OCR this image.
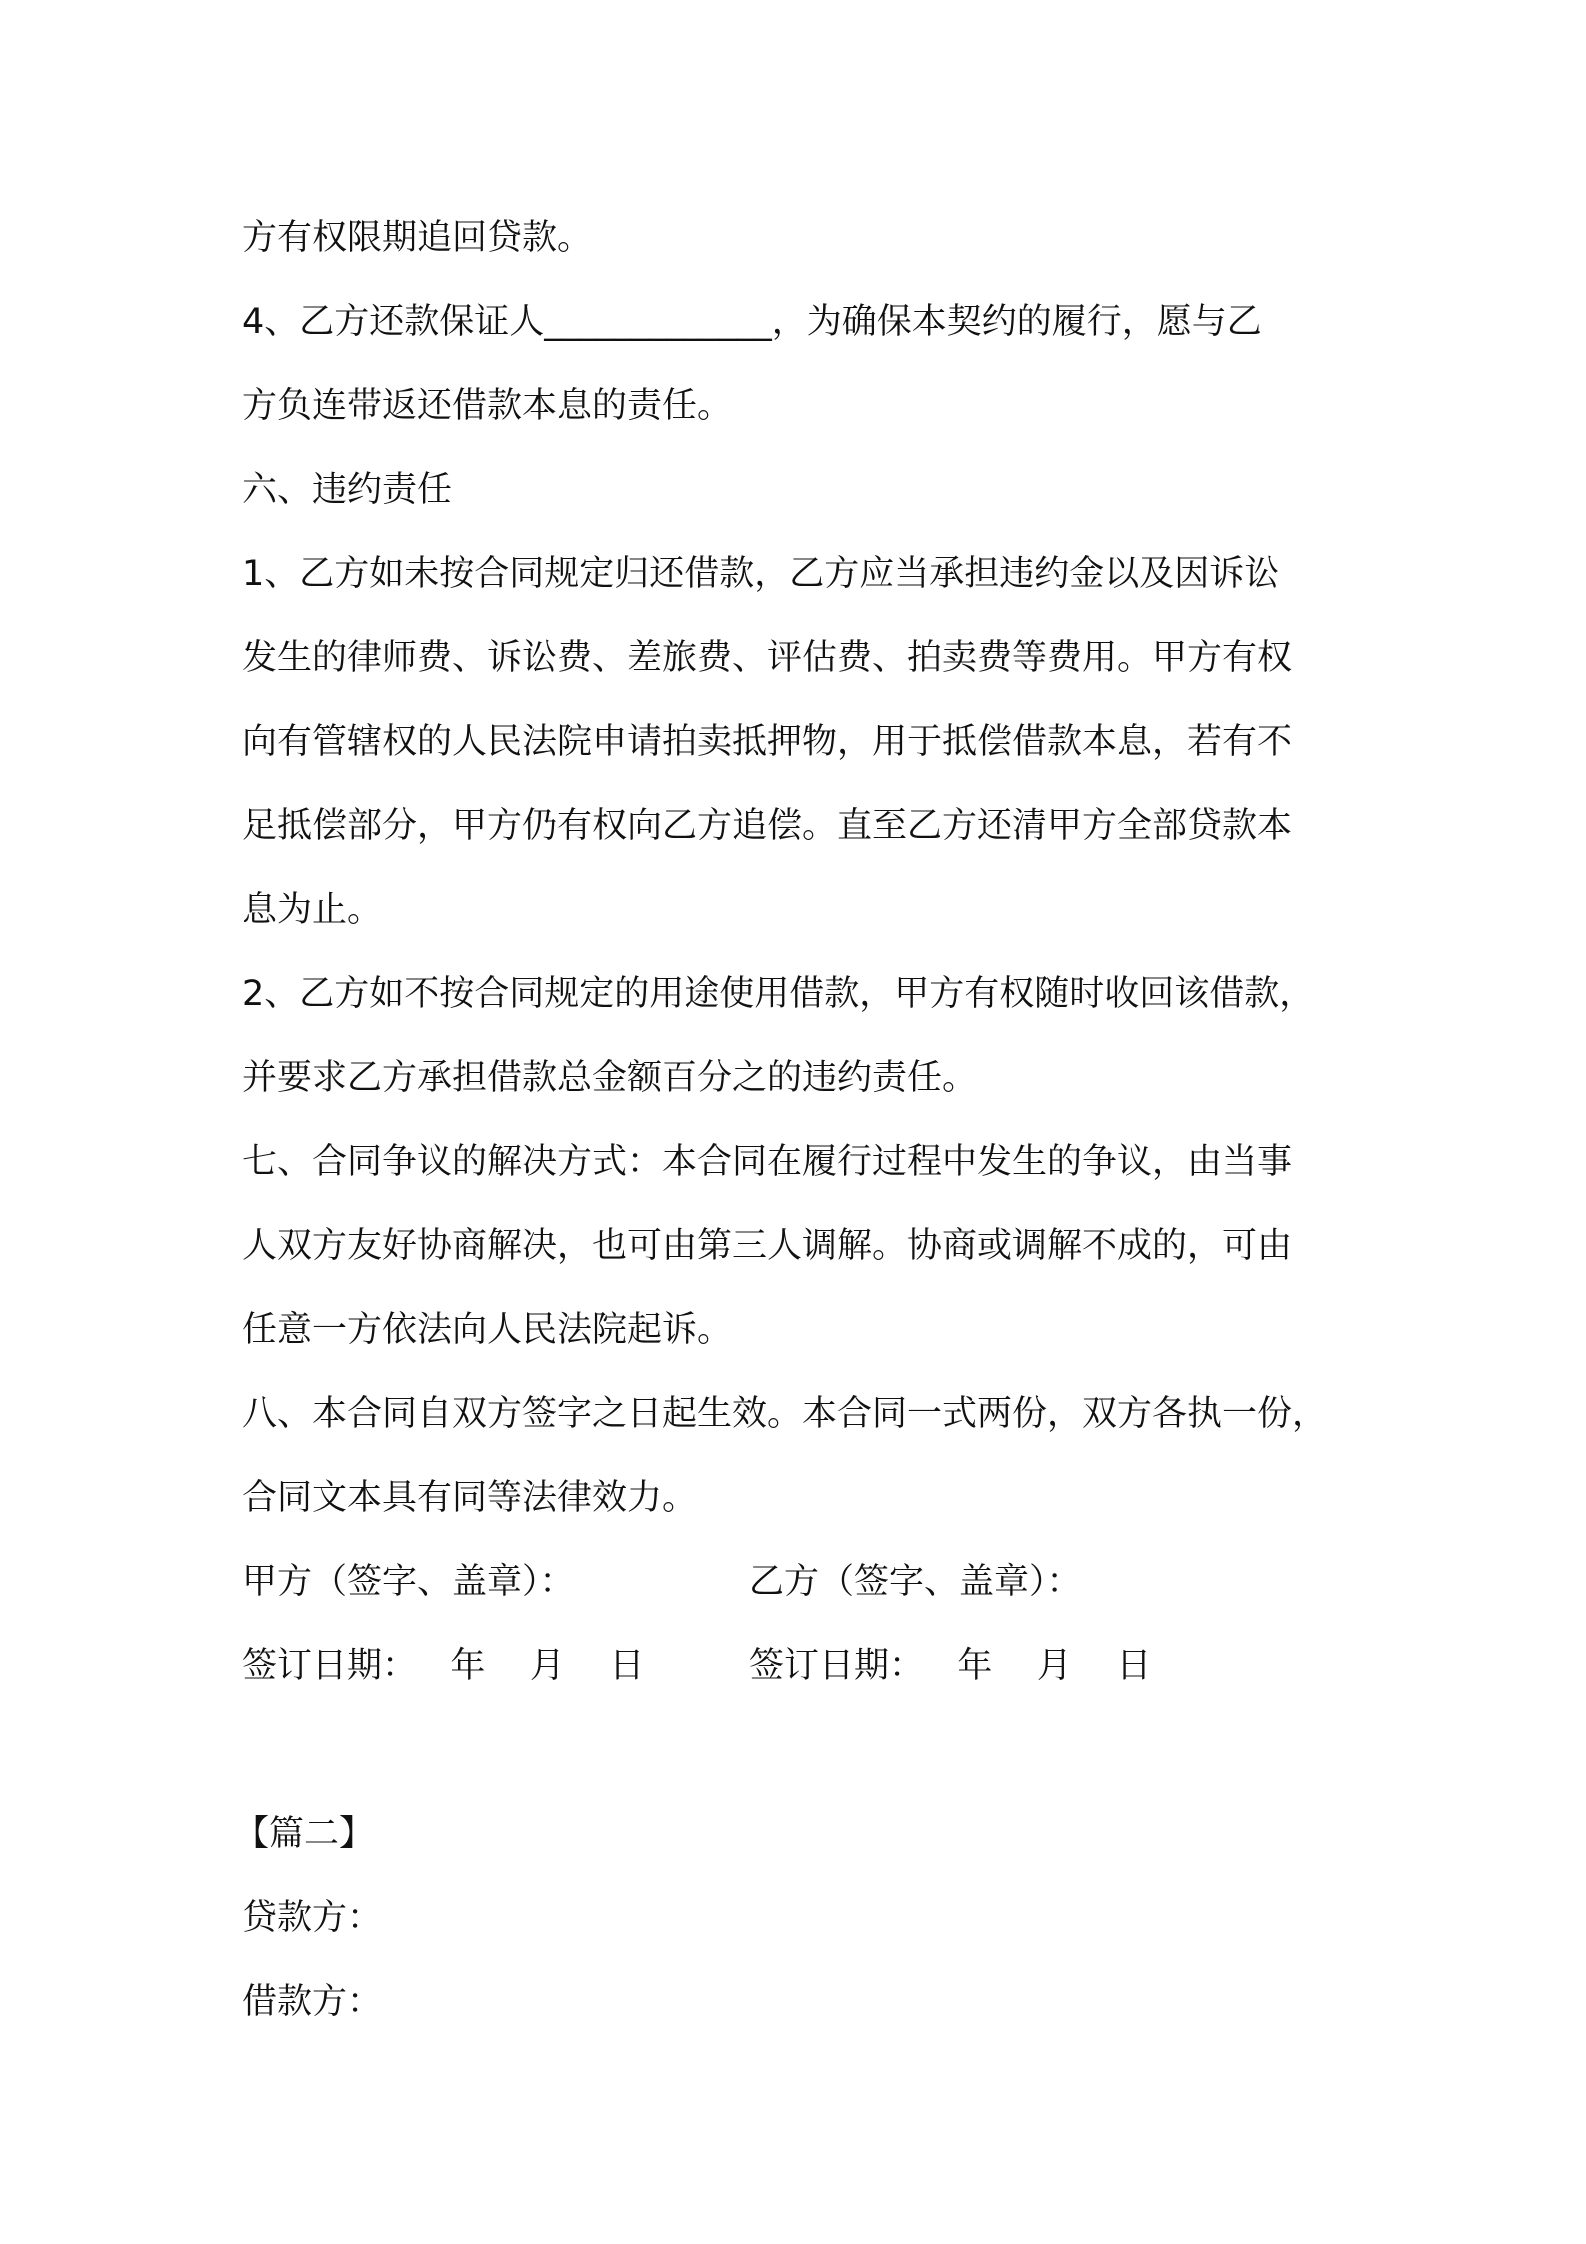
方有权限期追回贷款。
4、乙方还款保证人_____________，为确保本契约的履行，愿与乙
方负连带返还借款本息的责任。
六、违约责任
1、乙方如未按合同规定归还借款，乙方应当承担违约金以及因诉讼
发生的律师费、诉讼费、差旅费、评估费、拍卖费等费用。甲方有权
向有管辖权的人民法院申请拍卖抵押物，用于抵偿借款本息，若有不
足抵偿部分，甲方仍有权向乙方追偿。直至乙方还清甲方全部贷款本
息为止。
2、乙方如不按合同规定的用途使用借款，甲方有权随时收回该借款，
并要求乙方承担借款总金额百分之的违约责任。
七、合同争议的解决方式：本合同在履行过程中发生的争议，由当事
人双方友好协商解决，也可由第三人调解。协商或调解不成的，可由
任意一方依法向人民法院起诉。
八、本合同自双方签字之日起生效。本合同一式两份，双方各执一份，
合同文本具有同等法律效力。
甲方（签字、盖章）：	乙方（签字、盖章）：
签订日期：   年    月    日	签订日期：   年    月    日
【篇二】
贷款方：
借款方：
